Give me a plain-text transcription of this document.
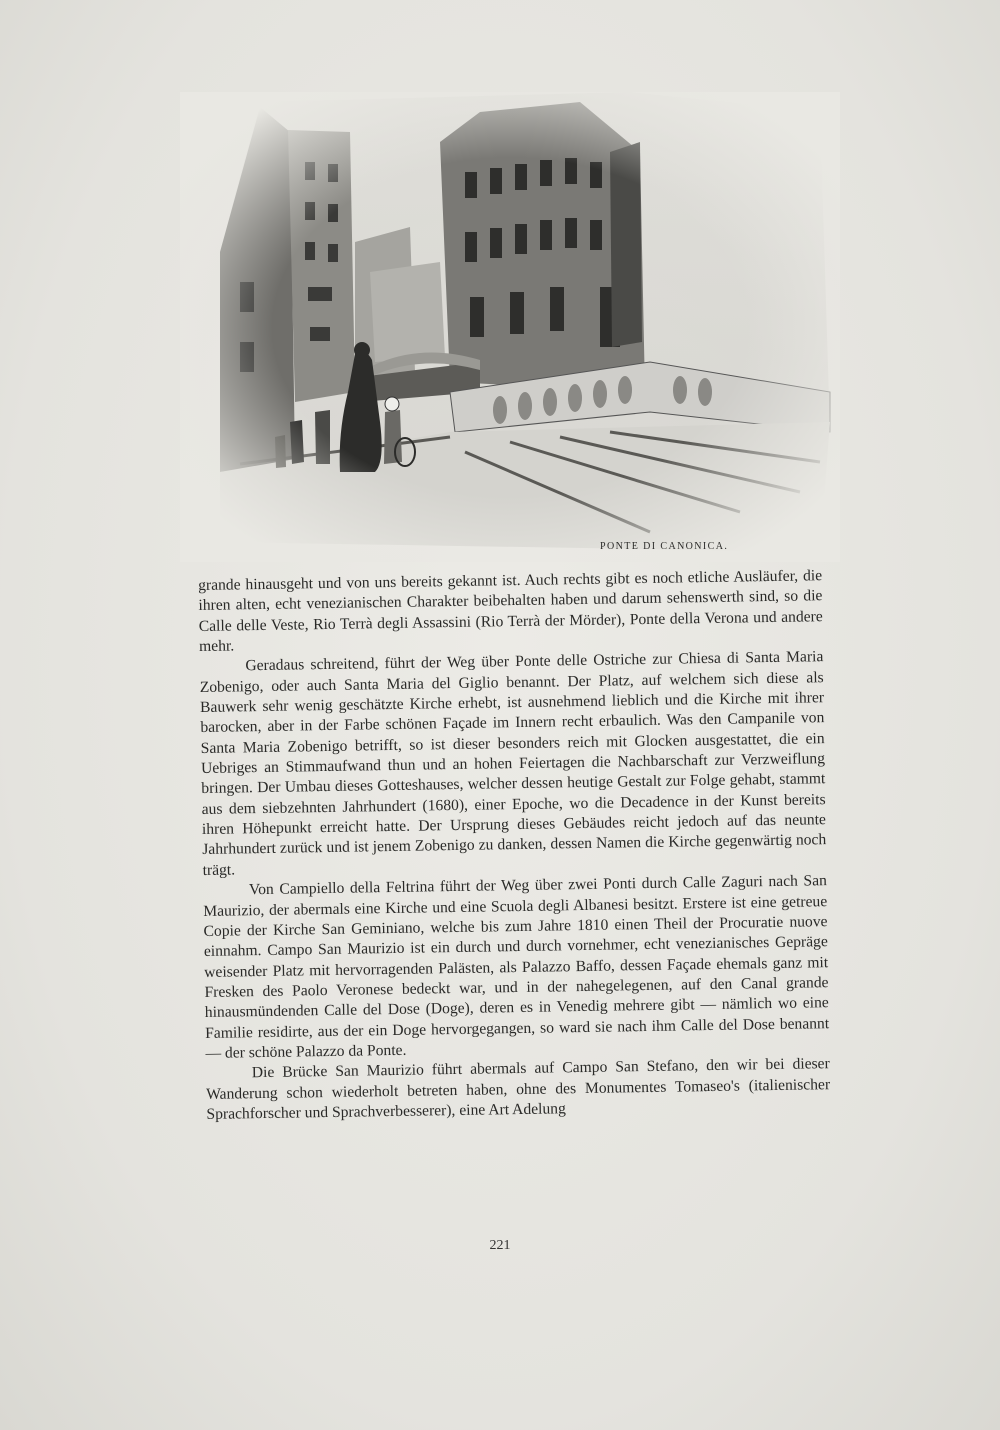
PONTE DI CANONICA.

grande hinausgeht und von uns bereits gekannt ist. Auch rechts gibt es noch etliche Ausläufer, die ihren alten, echt venezianischen Charakter beibehalten haben und darum sehenswerth sind, so die Calle delle Veste, Rio Terrà degli Assassini (Rio Terrà der Mörder), Ponte della Verona und andere mehr.

Geradaus schreitend, führt der Weg über Ponte delle Ostriche zur Chiesa di Santa Maria Zobenigo, oder auch Santa Maria del Giglio benannt. Der Platz, auf welchem sich diese als Bauwerk sehr wenig geschätzte Kirche erhebt, ist ausnehmend lieblich und die Kirche mit ihrer barocken, aber in der Farbe schönen Façade im Innern recht erbaulich. Was den Campanile von Santa Maria Zobenigo betrifft, so ist dieser besonders reich mit Glocken ausgestattet, die ein Uebriges an Stimmaufwand thun und an hohen Feiertagen die Nachbarschaft zur Verzweiflung bringen. Der Umbau dieses Gotteshauses, welcher dessen heutige Gestalt zur Folge gehabt, stammt aus dem siebzehnten Jahrhundert (1680), einer Epoche, wo die Decadence in der Kunst bereits ihren Höhepunkt erreicht hatte. Der Ursprung dieses Gebäudes reicht jedoch auf das neunte Jahrhundert zurück und ist jenem Zobenigo zu danken, dessen Namen die Kirche gegenwärtig noch trägt.

Von Campiello della Feltrina führt der Weg über zwei Ponti durch Calle Zaguri nach San Maurizio, der abermals eine Kirche und eine Scuola degli Albanesi besitzt. Erstere ist eine getreue Copie der Kirche San Geminiano, welche bis zum Jahre 1810 einen Theil der Procuratie nuove einnahm. Campo San Maurizio ist ein durch und durch vornehmer, echt venezianisches Gepräge weisender Platz mit hervorragenden Palästen, als Palazzo Baffo, dessen Façade ehemals ganz mit Fresken des Paolo Veronese bedeckt war, und in der nahegelegenen, auf den Canal grande hinausmündenden Calle del Dose (Doge), deren es in Venedig mehrere gibt — nämlich wo eine Familie residirte, aus der ein Doge hervorgegangen, so ward sie nach ihm Calle del Dose benannt — der schöne Palazzo da Ponte.

Die Brücke San Maurizio führt abermals auf Campo San Stefano, den wir bei dieser Wanderung schon wiederholt betreten haben, ohne des Monumentes Tomaseo's (italienischer Sprachforscher und Sprachverbesserer), eine Art Adelung

221
